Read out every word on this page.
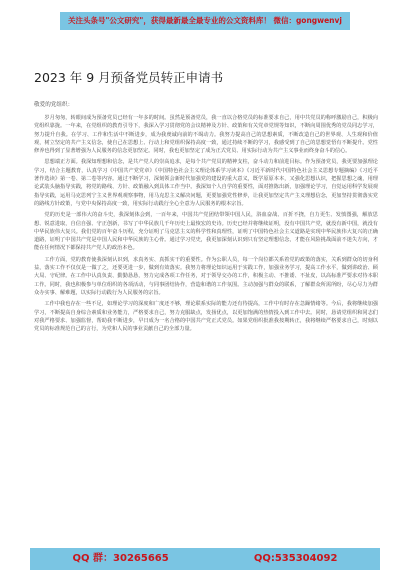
关注头条号"公文研究"，获得最新最全最专业的公文资料库！ 微信：gongwenvj
2023 年 9 月预备党员转正申请书
敬爱的党组织：

岁月匆匆，转眼间成为预备党员已经有一年多的时间。虽然是预备党员，我一直以合格党员的标准要求自己，用中共党员的称呼激励自己，积极向党组织靠拢。一年来，在党组织的教育引导下，我深入学习贯彻党的会议精神及方针、政策和有关党章党规等知识，不断向周围优秀的党员同志学习，努力提升自我。在学习、工作和生活中不断进步，成为我虔诚向前的不竭动力。我努力提高自己的思想素质，不断改造自己的世界观、人生观和价值观，树立坚定的共产主义信念，使自己在思想上、行动上和党组织保持高度一致，通过持续不断的学习，我感受到了自己的思想觉悟有不断提升。党性修养也得到了显著增强为人民服务的信念更加坚定。同时，我也更加坚定了成为正式党员、用实际行动为共产主义事业而终身奋斗的信心。

思想端正方面。我深知理想和信念，是共产党人的崇高追求，是每个共产党员的精神支柱，奋斗动力和前进目标。作为预备党员，我更要加强理论学习，结合主题教育，认真学习《中国共产党党章》《中国特色社会主义理论体系学习读本》《习近平新时代中国特色社会主义思想专题摘编》《习近平著作选读》第一卷、第二卷等内容。通过不断学习，深刻领会新时代加强党的建设的重大意义，既学原原本本，又强化思想认识，把握思想之魂，用理论武装头脑指导实践，将党的路线、方针、政策融入到具体工作当中。我深知个人自学的重要性，面对推陈出新，加强理论学习，自觉运用科学发展观指导实践，运用马克思列宁主义世界观观察事物，用马克思主义解决问题，更要加强党性修养，让我更加坚定共产主义理想信念，更加坚持贯彻落实党的路线方针政策，与党中央保持高度一致，用实际行动践行全心全意为人民服务的根本宗旨。

党的历史是一部伟大的奋斗史，我深刻体会到，一百年来，中国共产党团结带领中国人民，浴血奋战、百折不挠，自力更生、发愤图强，解放思想、锐意进取，自信自强、守正创新，书写了中华民族几千年历史上最恢宏的史诗。历史已经并将继续证明，没有中国共产党，就没有新中国，就没有中华民族伟大复兴。我们党的百年奋斗历程，充分证明了马克思主义的科学性和真理性，证明了中国特色社会主义道路是实现中华民族伟大复兴的正确道路，证明了中国共产党是中国人民和中华民族的主心骨。通过学习党史，我更加深刻认识到只有坚定理想信念，才能在风险挑战面前不迷失方向，才能在任何情况下都保持共产党人的政治本色。

工作方面，党的教育使我深刻认识到，求真务实、真抓实干的重要性。作为公职人员，每一个岗位都关系着党的政策的落实，关系到群众的切身利益，落实工作不仅仅是一做了之，还要更进一步，做到有效落实。我努力将理论知识运用于实践工作，加强业务学习，提高工作水平，做到讲政治、顾大局、守纪律。在工作中认真负责、勤勤恳恳，努力完成各项工作任务，对于领导交办的工作，积极主动、不推诿、不扯皮，以高标准严要求对待本职工作。同时，我也积极参与单位组织的各项活动，与同事团结协作，营造和谐的工作氛围。主动加强与群众的联系，了解群众所需所盼，尽心尽力为群众办实事、解难题，以实际行动践行为人民服务的宗旨。

工作中我也存在一些不足，如理论学习的深度和广度还不够，理论联系实际的能力还有待提高，工作中有时存在急躁情绪等。今后，我将继续加强学习，不断提高自身综合素质和业务能力，严格要求自己，努力克服缺点，发扬优点，以更加饱满的热情投入到工作中去。同时，恳请党组织和同志们对我严格要求、加强监督，帮助我不断进步，早日成为一名合格的中国共产党正式党员。如果党组织批准我按期转正，我将继续严格要求自己，时刻以党员的标准规范自己的言行，为党和人民的事业贡献自己的全部力量。

QQ 群：30265665	QQ:535304092
